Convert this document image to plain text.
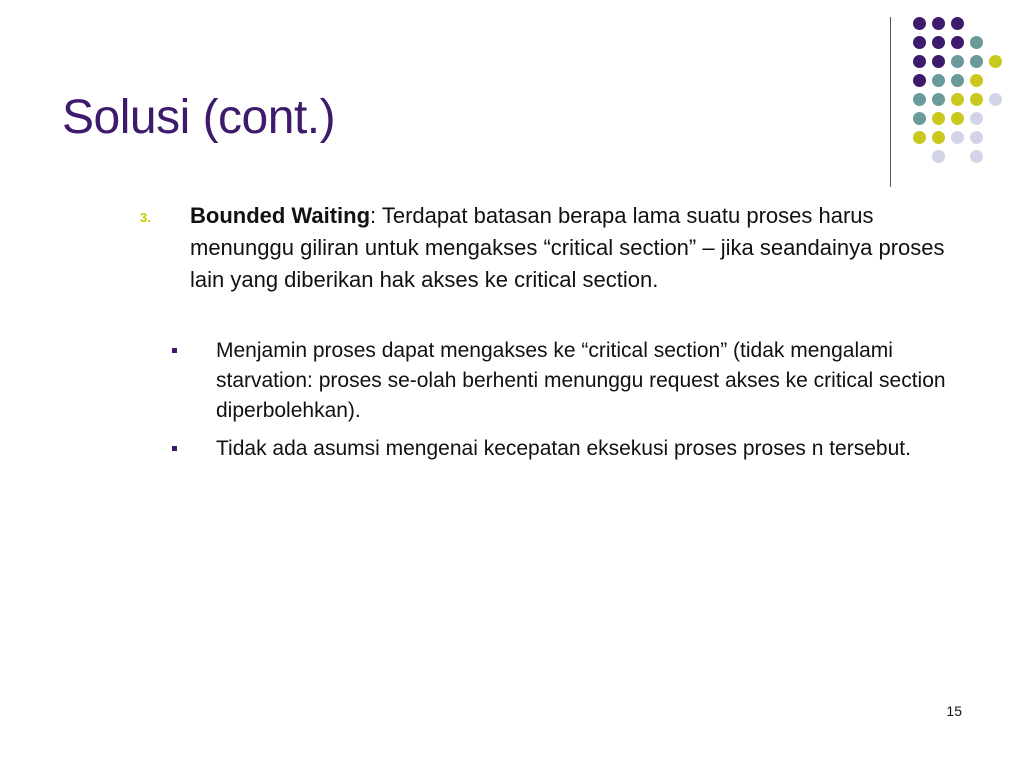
Solusi (cont.)
3. Bounded Waiting: Terdapat batasan berapa lama suatu proses harus menunggu giliran untuk mengakses “critical section” – jika seandainya proses lain yang diberikan hak akses ke critical section.
Menjamin proses dapat mengakses ke “critical section” (tidak mengalami starvation: proses se-olah berhenti menunggu request akses ke critical section diperbolehkan).
Tidak ada asumsi mengenai kecepatan eksekusi proses proses n tersebut.
15
